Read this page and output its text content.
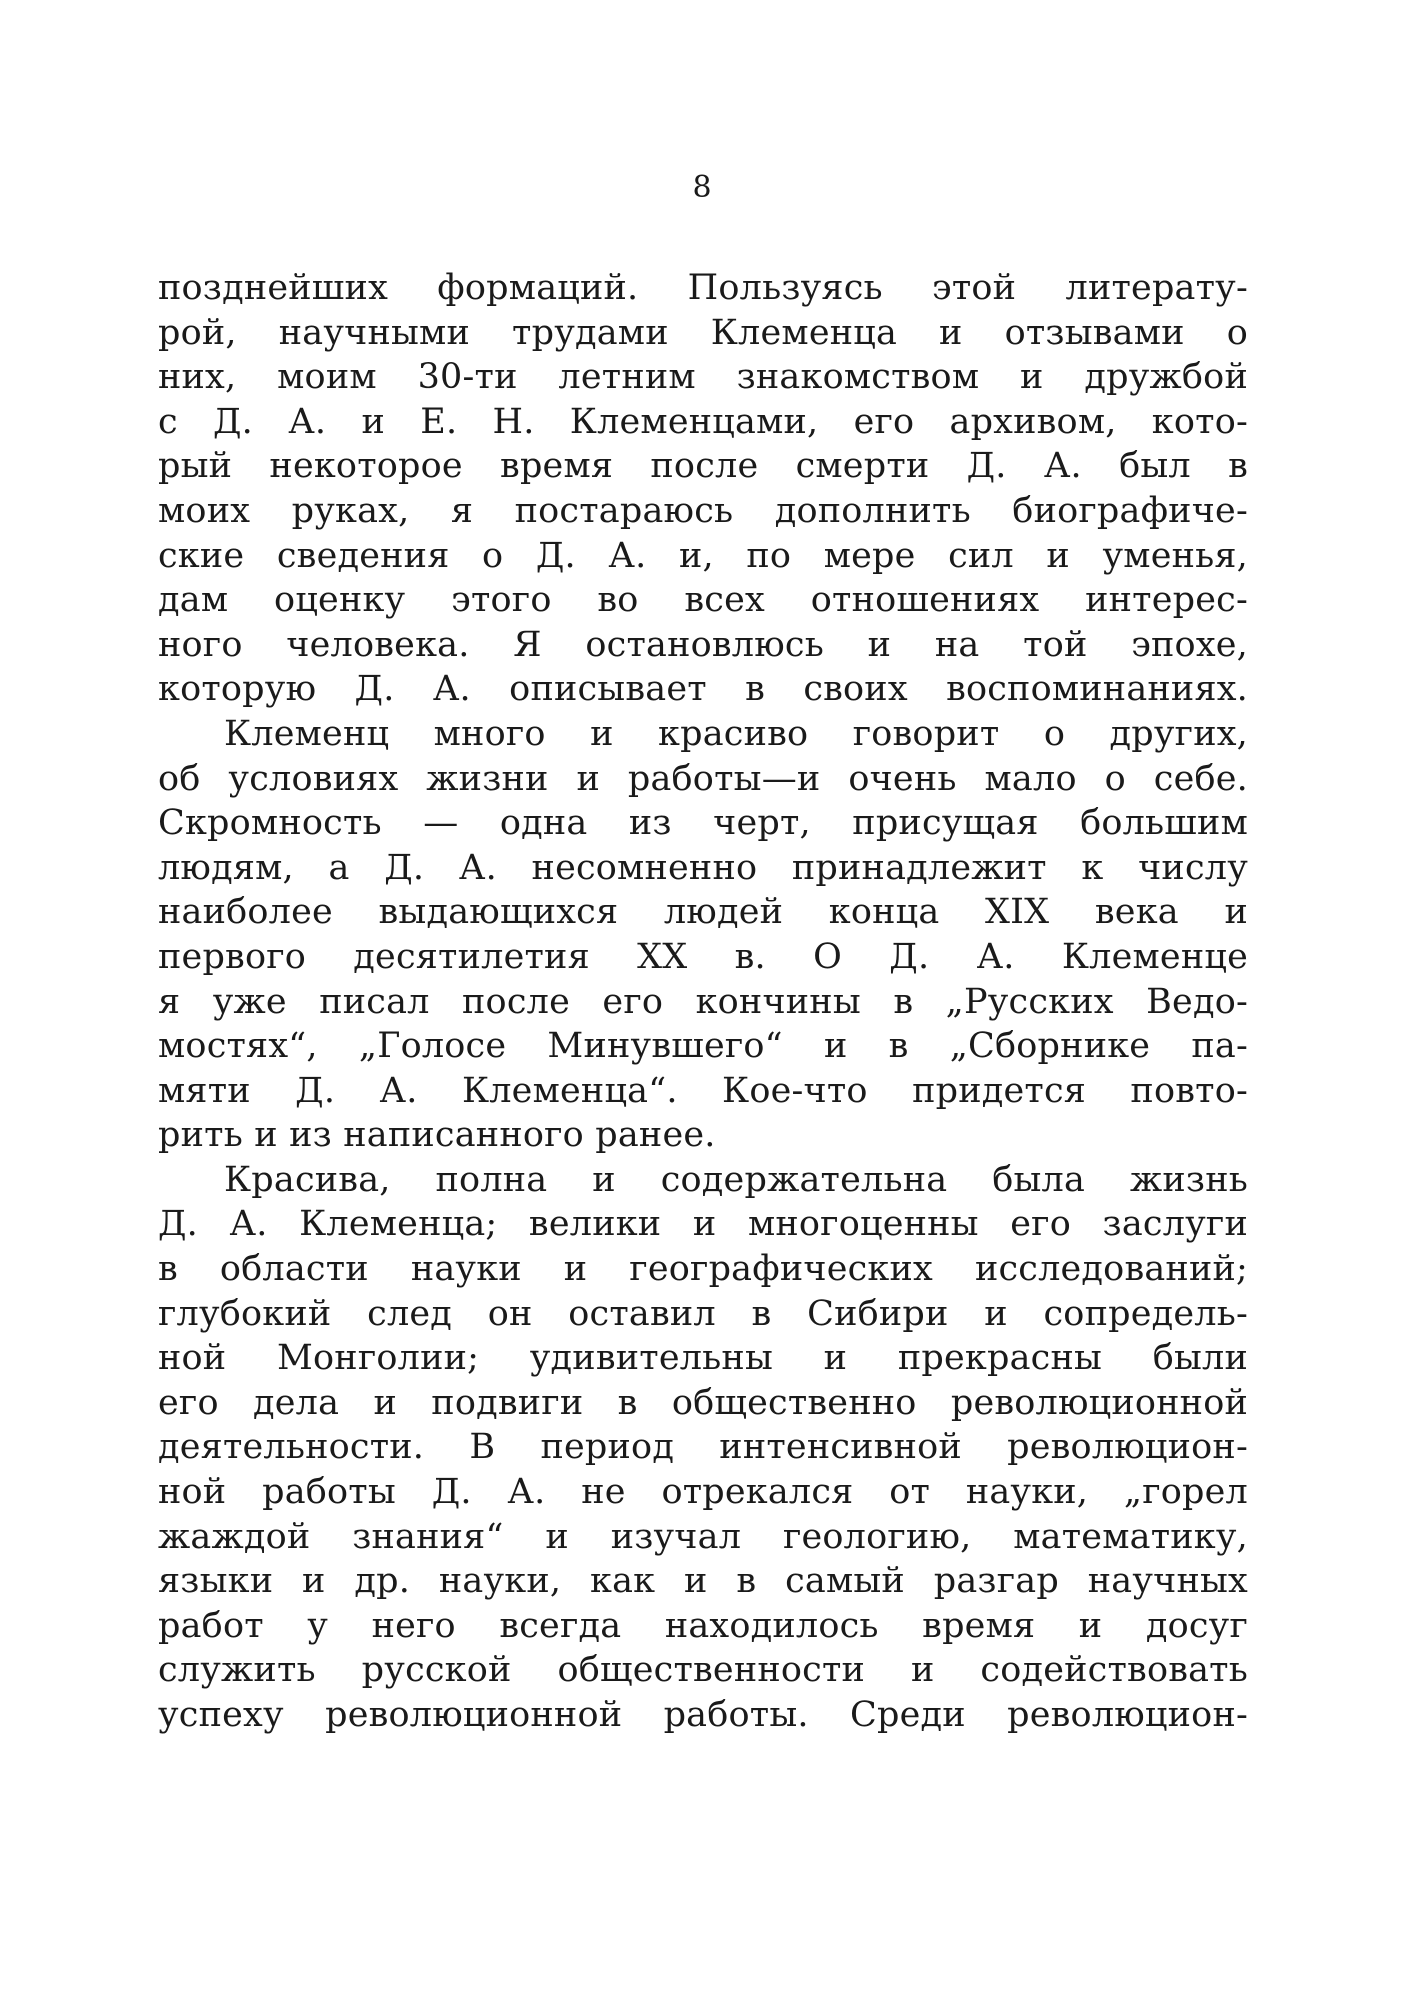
8
позднейших формаций. Пользуясь этой литерату-
рой, научными трудами Клеменца и отзывами о
них, моим 30-ти летним знакомством и дружбой
с Д. А. и Е. Н. Клеменцами, его архивом, кото-
рый некоторое время после смерти Д. А. был в
моих руках, я постараюсь дополнить биографиче-
ские сведения о Д. А. и, по мере сил и уменья,
дам оценку этого во всех отношениях интерес-
ного человека. Я остановлюсь и на той эпохе,
которую Д. А. описывает в своих воспоминаниях.
Клеменц много и красиво говорит о других,
об условиях жизни и работы—и очень мало о себе.
Скромность — одна из черт, присущая большим
людям, а Д. А. несомненно принадлежит к числу
наиболее выдающихся людей конца XIX века и
первого десятилетия XX в. О Д. А. Клеменце
я уже писал после его кончины в „Русских Ведо-
мостях“, „Голосе Минувшего“ и в „Сборнике па-
мяти Д. А. Клеменца“. Кое-что придется повто-
рить и из написанного ранее.
Красива, полна и содержательна была жизнь
Д. А. Клеменца; велики и многоценны его заслуги
в области науки и географических исследований;
глубокий след он оставил в Сибири и сопредель-
ной Монголии; удивительны и прекрасны были
его дела и подвиги в общественно революционной
деятельности. В период интенсивной революцион-
ной работы Д. А. не отрекался от науки, „горел
жаждой знания“ и изучал геологию, математику,
языки и др. науки, как и в самый разгар научных
работ у него всегда находилось время и досуг
служить русской общественности и содействовать
успеху революционной работы. Среди революцион-
